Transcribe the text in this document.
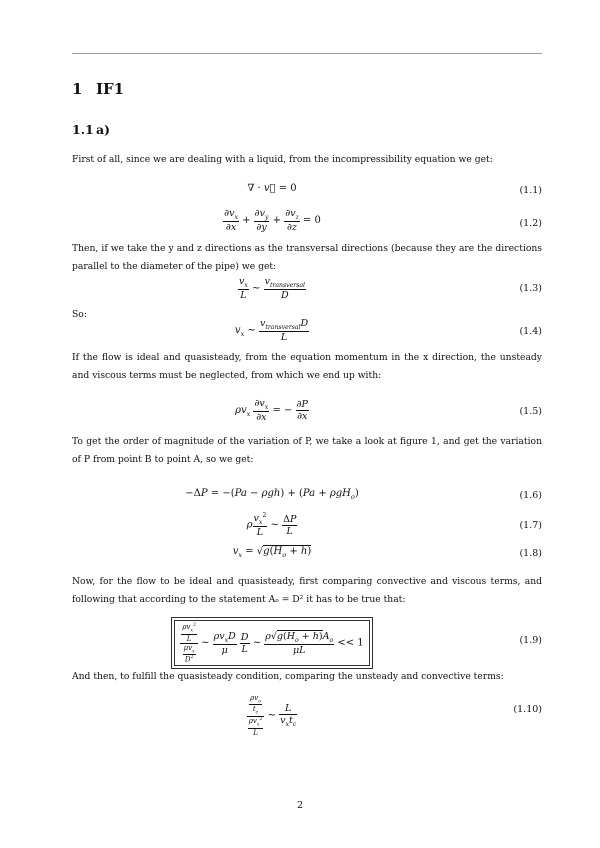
1 IF1
1.1 a)
First of all, since we are dealing with a liquid, from the incompressibility equation we get:
∇ · v⃗ = 0	(1.1)
$\frac{\partial v_x}{\partial x} + \frac{\partial v_y}{\partial y} + \frac{\partial v_z}{\partial z} = 0$	(1.2)
Then, if we take the y and z directions as the transversal directions (because they are the directions parallel to the diameter of the pipe) we get:
$\frac{v_x}{L}$ ∼ $\frac{v_{transversal}}{D}$	(1.3)
So:
$v_x$ ∼ $\frac{v_{transversal}D}{L}$	(1.4)
If the flow is ideal and quasisteady, from the equation momentum in the x direction, the unsteady and viscous terms must be neglected, from which we end up with:
$\rho v_x \frac{\partial v_x}{\partial x}$ = − $\frac{\partial P}{\partial x}$	(1.5)
To get the order of magnitude of the variation of P, we take a look at figure 1, and get the variation of P from point B to point A, so we get:
−ΔP = −(Pa − ρgh) + (Pa + ρgH$_o$)	(1.6)
ρ $\frac{v_x^2}{L}$ ∼ $\frac{\Delta P}{L}$	(1.7)
$v_x = √g(H_o + h)$	(1.8)
Now, for the flow to be ideal and quasisteady, first comparing convective and viscous terms, and following that according to the statement Aₒ = D² it has to be true that:
$\frac{\frac{\rho v_x^2}{L}}{\frac{\mu v_x}{D^2}}$ ∼ $\frac{\rho v_xD}{\mu}$
$\frac{D}{L}$ ∼ $\frac{\rho√g(H_o + h)A_o}{\mu L} << 1$	(1.9)
And then, to fulfill the quasisteady condition, comparing the unsteady and convective terms:
$\frac{\frac{\rho v_o}{t_c}}{\frac{\rho v_x^2}{L}}$ ∼ $\frac{L}{v_xt_c}$	(1.10)
2
